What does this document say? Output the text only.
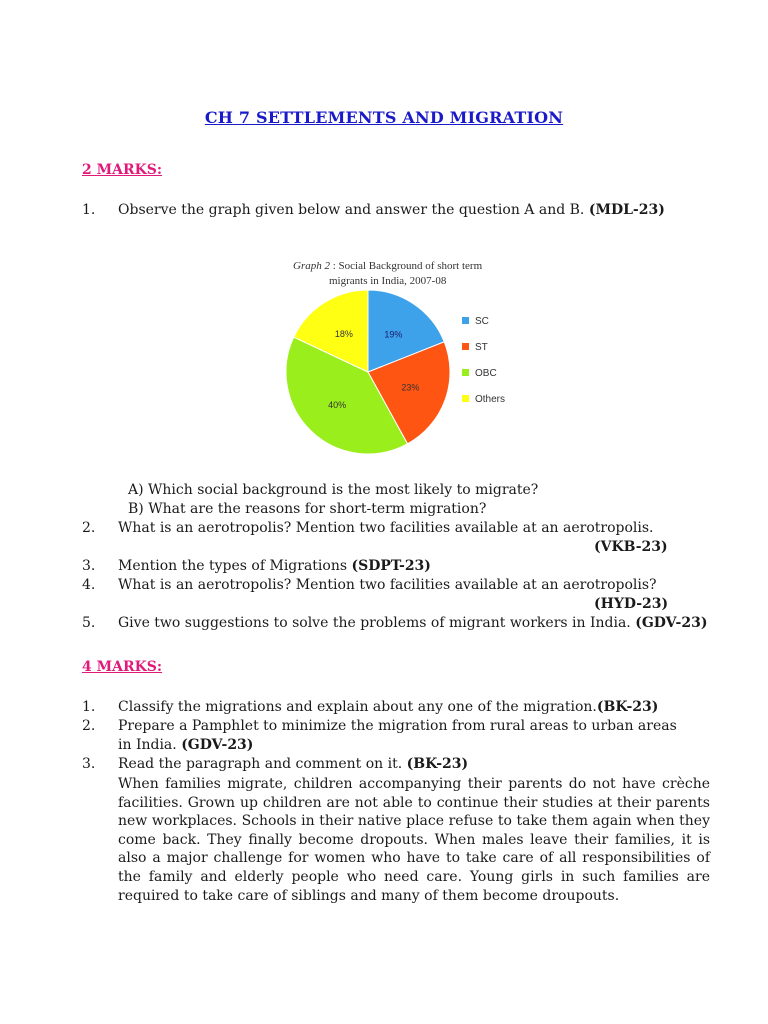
CH 7 SETTLEMENTS AND MIGRATION
2 MARKS:
1. Observe the graph given below and answer the question A and B. (MDL-23)
Graph 2 : Social Background of short term
migrants in India, 2007-08
19%
23%
40%
18%
SC
ST
OBC
Others
A) Which social background is the most likely to migrate?
B) What are the reasons for short-term migration?
2. What is an aerotropolis? Mention two facilities available at an aerotropolis.
(VKB-23)
3. Mention the types of Migrations (SDPT-23)
4. What is an aerotropolis? Mention two facilities available at an aerotropolis?
(HYD-23)
5. Give two suggestions to solve the problems of migrant workers in India. (GDV-23)
4 MARKS:
1. Classify the migrations and explain about any one of the migration.(BK-23)
2. Prepare a Pamphlet to minimize the migration from rural areas to urban areas
in India. (GDV-23)
3. Read the paragraph and comment on it. (BK-23)
When families migrate, children accompanying their parents do not have crèche facilities. Grown up children are not able to continue their studies at their parents new workplaces. Schools in their native place refuse to take them again when they come back. They finally become dropouts. When males leave their families, it is also a major challenge for women who have to take care of all responsibilities of the family and elderly people who need care. Young girls in such families are required to take care of siblings and many of them become droupouts.
